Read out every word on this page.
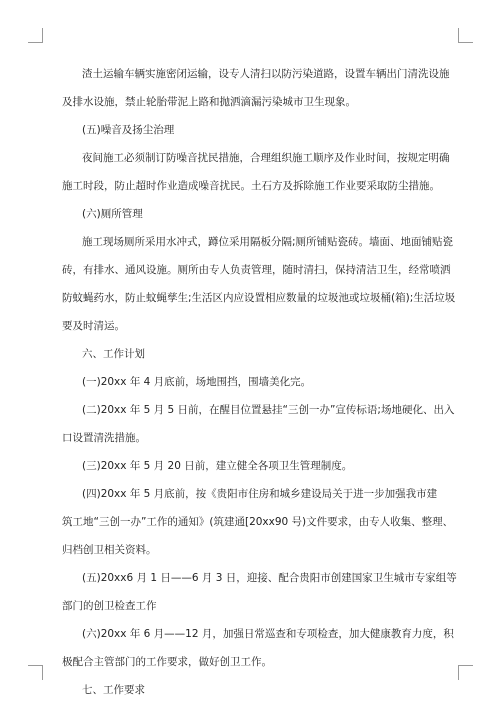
渣土运输车辆实施密闭运输，设专人清扫以防污染道路，设置车辆出门清洗设施
及排水设施，禁止轮胎带泥上路和抛洒滴漏污染城市卫生现象。
(五)噪音及扬尘治理
夜间施工必须制订防噪音扰民措施，合理组织施工顺序及作业时间，按规定明确
施工时段，防止超时作业造成噪音扰民。土石方及拆除施工作业要采取防尘措施。
(六)厕所管理
施工现场厕所采用水冲式，蹲位采用隔板分隔;厕所铺贴瓷砖。墙面、地面铺贴瓷
砖，有排水、通风设施。厕所由专人负责管理，随时清扫，保持清洁卫生，经常喷洒
防蚊蝇药水，防止蚊蝇孳生;生活区内应设置相应数量的垃圾池或垃圾桶(箱);生活垃圾
要及时清运。
六、工作计划
(一)20xx 年 4 月底前，场地围挡，围墙美化完。
(二)20xx 年 5 月 5 日前，在醒目位置悬挂“三创一办”宣传标语;场地硬化、出入
口设置清洗措施。
(三)20xx 年 5 月 20 日前，建立健全各项卫生管理制度。
(四)20xx 年 5 月底前，按《贵阳市住房和城乡建设局关于进一步加强我市建
筑工地“三创一办”工作的通知》(筑建通[20xx90 号)文件要求，由专人收集、整理、
归档创卫相关资料。
(五)20xx6 月 1 日——6 月 3 日，迎接、配合贵阳市创建国家卫生城市专家组等
部门的创卫检查工作
(六)20xx 年 6 月——12 月，加强日常巡查和专项检查，加大健康教育力度，积
极配合主管部门的工作要求，做好创卫工作。
七、工作要求
